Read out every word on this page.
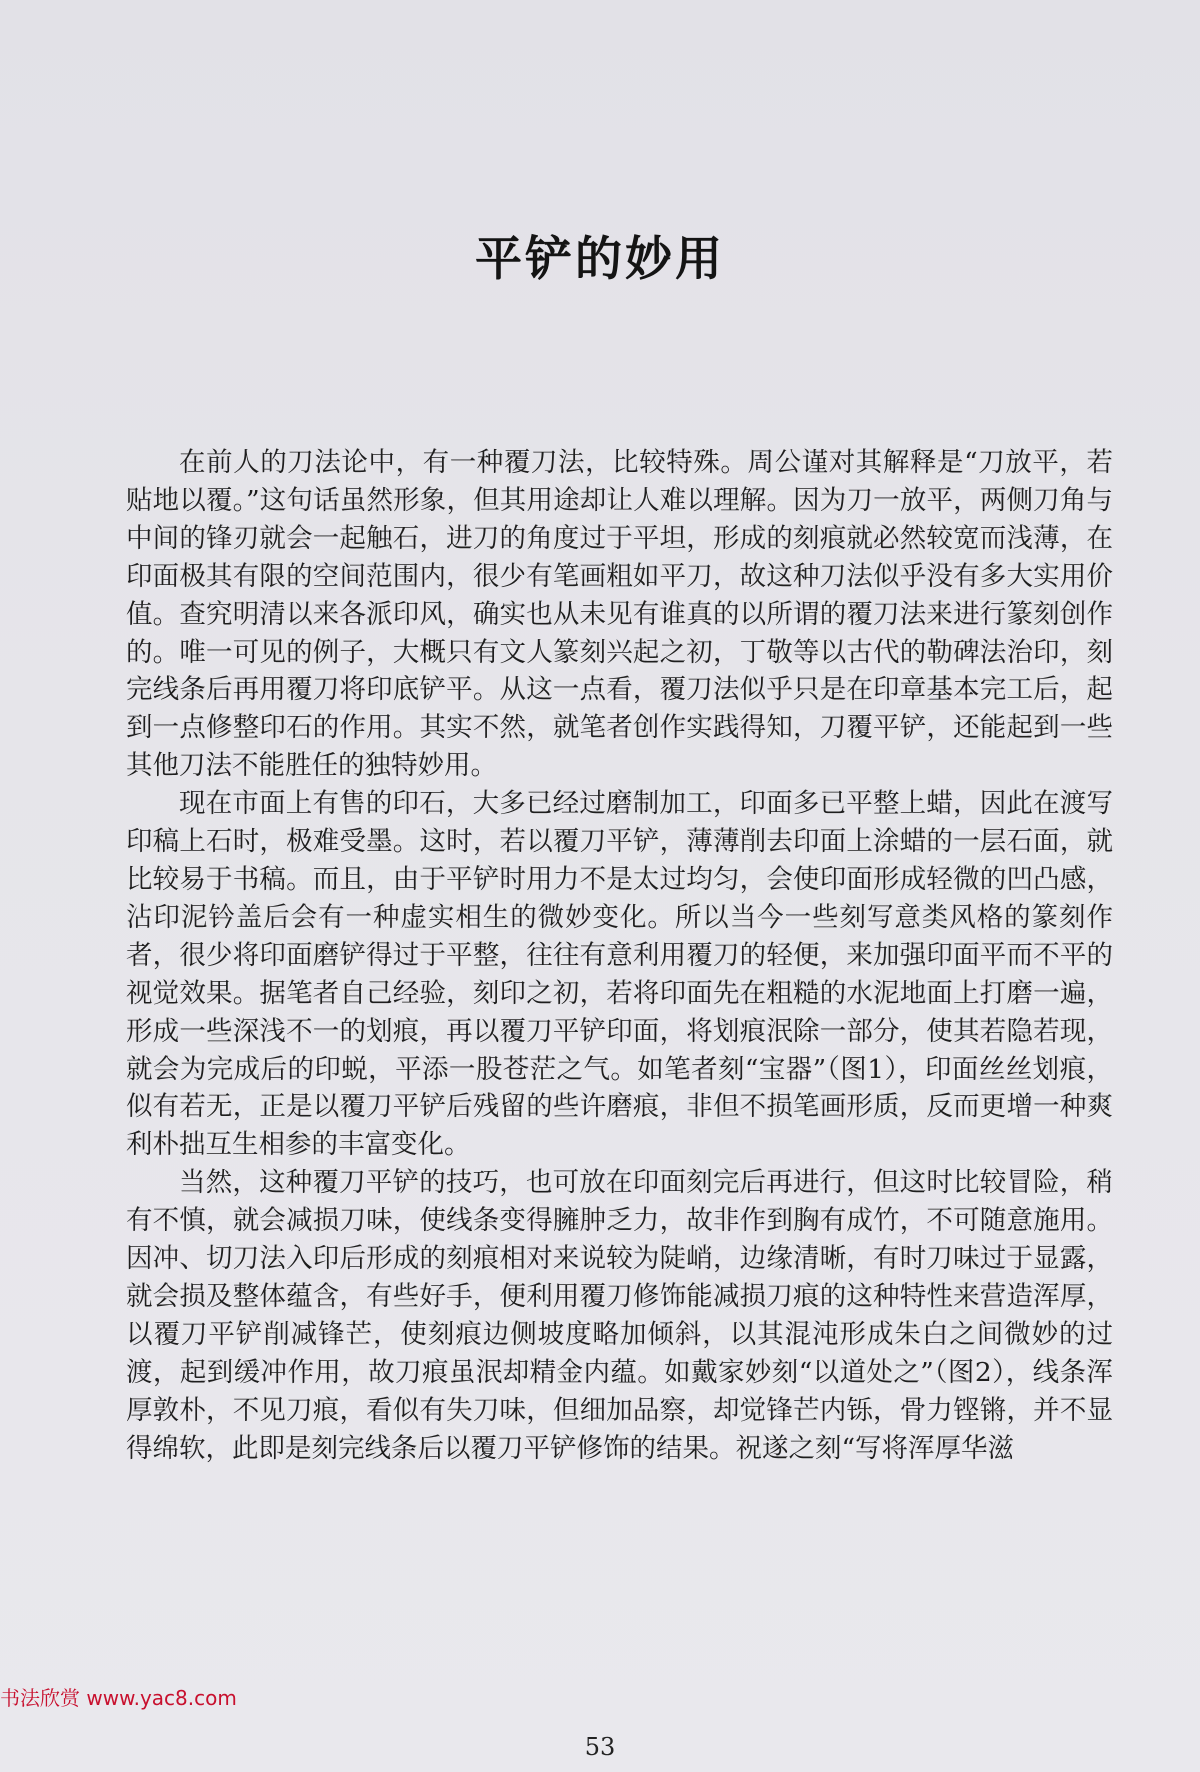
平铲的妙用

在前人的刀法论中，有一种覆刀法，比较特殊。周公谨对其解释是“刀放平，若贴地以覆。”这句话虽然形象，但其用途却让人难以理解。因为刀一放平，两侧刀角与中间的锋刃就会一起触石，进刀的角度过于平坦，形成的刻痕就必然较宽而浅薄，在印面极其有限的空间范围内，很少有笔画粗如平刀，故这种刀法似乎没有多大实用价值。查究明清以来各派印风，确实也从未见有谁真的以所谓的覆刀法来进行篆刻创作的。唯一可见的例子，大概只有文人篆刻兴起之初，丁敬等以古代的勒碑法治印，刻完线条后再用覆刀将印底铲平。从这一点看，覆刀法似乎只是在印章基本完工后，起到一点修整印石的作用。其实不然，就笔者创作实践得知，刀覆平铲，还能起到一些其他刀法不能胜任的独特妙用。

现在市面上有售的印石，大多已经过磨制加工，印面多已平整上蜡，因此在渡写印稿上石时，极难受墨。这时，若以覆刀平铲，薄薄削去印面上涂蜡的一层石面，就比较易于书稿。而且，由于平铲时用力不是太过均匀，会使印面形成轻微的凹凸感，沾印泥钤盖后会有一种虚实相生的微妙变化。所以当今一些刻写意类风格的篆刻作者，很少将印面磨铲得过于平整，往往有意利用覆刀的轻便，来加强印面平而不平的视觉效果。据笔者自己经验，刻印之初，若将印面先在粗糙的水泥地面上打磨一遍，形成一些深浅不一的划痕，再以覆刀平铲印面，将划痕泯除一部分，使其若隐若现，就会为完成后的印蜕，平添一股苍茫之气。如笔者刻“宝器”（图1），印面丝丝划痕，似有若无，正是以覆刀平铲后残留的些许磨痕，非但不损笔画形质，反而更增一种爽利朴拙互生相参的丰富变化。

当然，这种覆刀平铲的技巧，也可放在印面刻完后再进行，但这时比较冒险，稍有不慎，就会减损刀味，使线条变得臃肿乏力，故非作到胸有成竹，不可随意施用。因冲、切刀法入印后形成的刻痕相对来说较为陡峭，边缘清晰，有时刀味过于显露，就会损及整体蕴含，有些好手，便利用覆刀修饰能减损刀痕的这种特性来营造浑厚，以覆刀平铲削减锋芒，使刻痕边侧坡度略加倾斜，以其混沌形成朱白之间微妙的过渡，起到缓冲作用，故刀痕虽泯却精金内蕴。如戴家妙刻“以道处之”（图2），线条浑厚敦朴，不见刀痕，看似有失刀味，但细加品察，却觉锋芒内铄，骨力铿锵，并不显得绵软，此即是刻完线条后以覆刀平铲修饰的结果。祝遂之刻“写将浑厚华滋

书法欣赏 www.yac8.com
53
